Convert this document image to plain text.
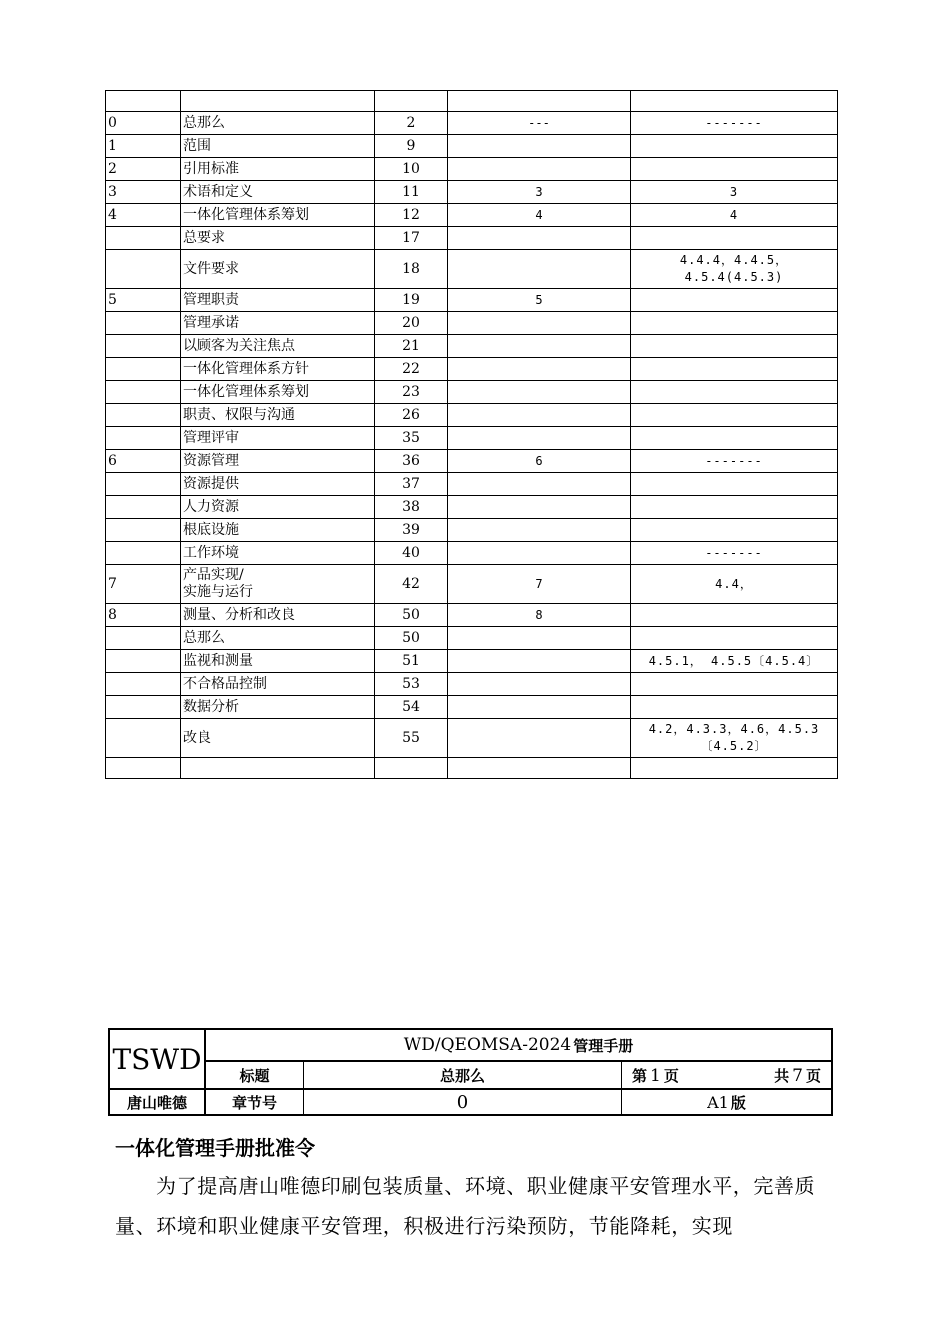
0	总那么	2	---	-------
1	范围	9		
2	引用标准	10		
3	术语和定义	11	3	3
4	一体化管理体系筹划	12	4	4
	总要求	17		
	文件要求	18		4.4.4，4.4.5，4.5.4(4.5.3)
5	管理职责	19	5	
	管理承诺	20		
	以顾客为关注焦点	21		
	一体化管理体系方针	22		
	一体化管理体系筹划	23		
	职责、权限与沟通	26		
	管理评审	35		
6	资源管理	36	6	-------
	资源提供	37		
	人力资源	38		
	根底设施	39		
	工作环境	40		-------
7	产品实现/
实施与运行	42	7	4.4，
8	测量、分析和改良	50	8	
	总那么	50		
	监视和测量	51		4.5.1， 4.5.5〔4.5.4〕
	不合格品控制	53		
	数据分析	54		
	改良	55		4.2，4.3.3，4.6，4.5.3〔4.5.2〕

TSWD
唐山唯德
WD/QEOMSA-2024 管理手册
标题	总那么	第 1 页	共 7 页
章节号	0	A1 版
一体化管理手册批准令
为了提高唐山唯德印刷包装质量、环境、职业健康平安管理水平，完善质量、环境和职业健康平安管理，积极进行污染预防，节能降耗，实现
